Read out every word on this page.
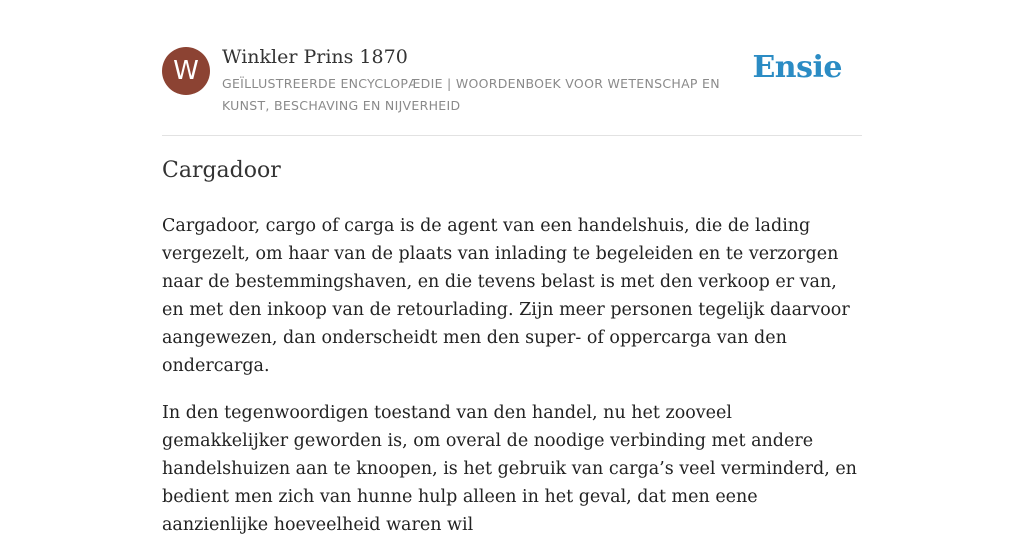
W	Winkler Prins 1870
GEÏLLUSTREERDE ENCYCLOPÆDIE | WOORDENBOEK VOOR WETENSCHAP EN KUNST, BESCHAVING EN NIJVERHEID
Ensie
Cargadoor

Cargadoor, cargo of carga is de agent van een handelshuis, die de lading vergezelt, om haar van de plaats van inlading te begeleiden en te verzorgen naar de bestemmingshaven, en die tevens belast is met den verkoop er van, en met den inkoop van de retourlading. Zijn meer personen tegelijk daarvoor aangewezen, dan onderscheidt men den super- of oppercarga van den ondercarga.

In den tegenwoordigen toestand van den handel, nu het zooveel gemakkelijker geworden is, om overal de noodige verbinding met andere handelshuizen aan te knoopen, is het gebruik van carga’s veel verminderd, en bedient men zich van hunne hulp alleen in het geval, dat men eene aanzienlijke hoeveelheid waren wil
